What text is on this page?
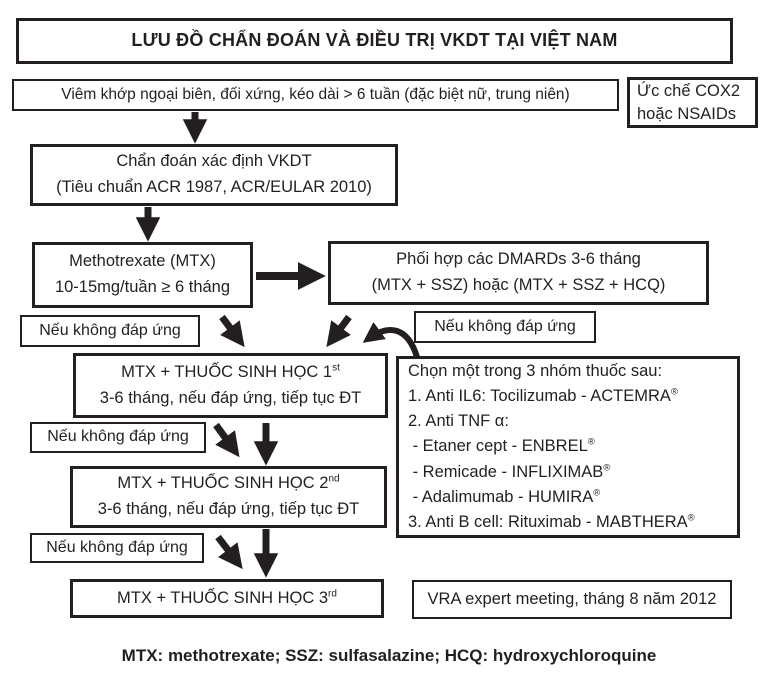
LƯU ĐỒ CHẨN ĐOÁN VÀ ĐIỀU TRỊ VKDT TẠI VIỆT NAM
Viêm khớp ngoại biên, đối xứng, kéo dài > 6 tuần (đặc biệt nữ, trung niên)	Ức chế COX2
hoặc NSAIDs
Chẩn đoán xác định VKDT
(Tiêu chuẩn ACR 1987, ACR/EULAR 2010)
Methotrexate (MTX)
10-15mg/tuần ≥ 6 tháng
Phối hợp các DMARDs 3-6 tháng
(MTX + SSZ) hoặc (MTX + SSZ + HCQ)
Nếu không đáp ứng	Nếu không đáp ứng
MTX + THUỐC SINH HỌC 1st
3-6 tháng, nếu đáp ứng, tiếp tục ĐT
Chọn một trong 3 nhóm thuốc sau:
1. Anti IL6: Tocilizumab - ACTEMRA®
2. Anti TNF α:
- Etaner cept - ENBREL®
- Remicade - INFLIXIMAB®
- Adalimumab - HUMIRA®
3. Anti B cell: Rituximab - MABTHERA®
Nếu không đáp ứng
MTX + THUỐC SINH HỌC 2nd
3-6 tháng, nếu đáp ứng, tiếp tục ĐT
Nếu không đáp ứng
MTX + THUỐC SINH HỌC 3rd	VRA expert meeting, tháng 8 năm 2012
MTX: methotrexate; SSZ: sulfasalazine; HCQ: hydroxychloroquine
